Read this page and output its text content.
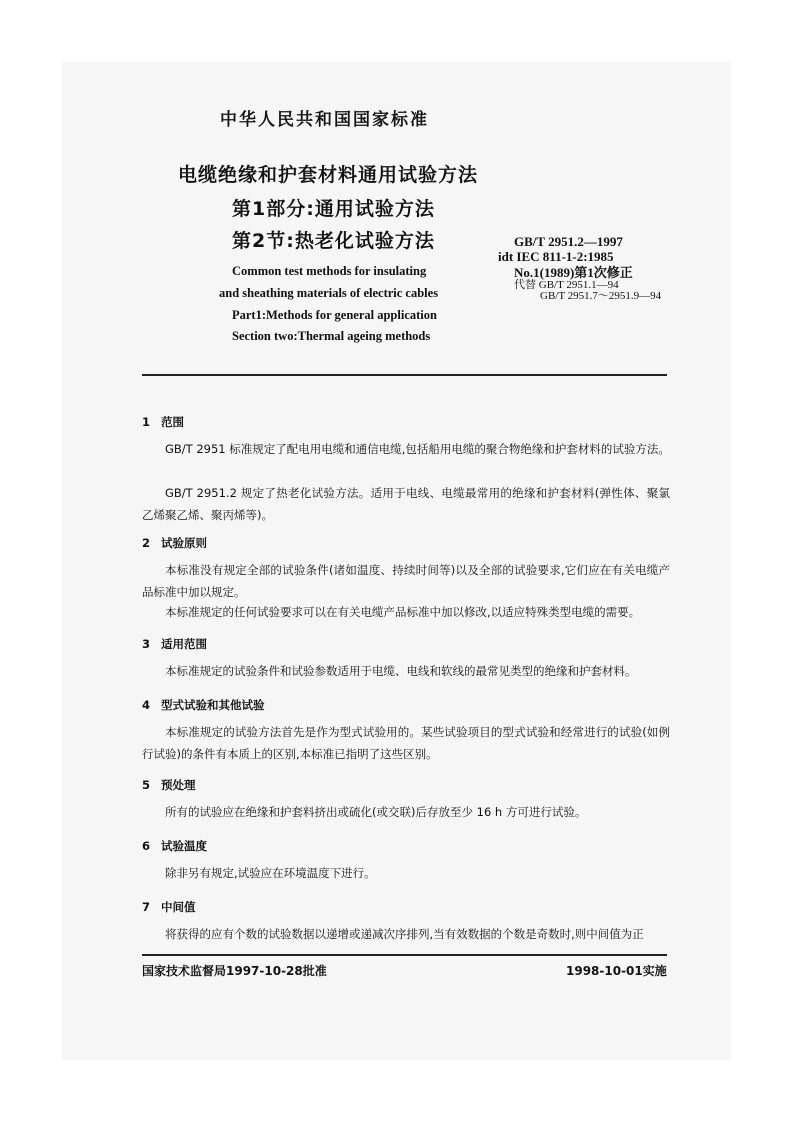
中华人民共和国国家标准
电缆绝缘和护套材料通用试验方法
第1部分:通用试验方法
第2节:热老化试验方法
Common test methods for insulating
and sheathing materials of electric cables
Part1:Methods for general application
Section two:Thermal ageing methods
GB/T 2951.2—1997
idt IEC 811-1-2:1985
No.1(1989)第1次修正
代替 GB/T 2951.1—94
GB/T 2951.7～2951.9—94
1 范围
GB/T 2951 标准规定了配电用电缆和通信电缆,包括船用电缆的聚合物绝缘和护套材料的试验方法。
GB/T 2951.2 规定了热老化试验方法。适用于电线、电缆最常用的绝缘和护套材料(弹性体、聚氯乙烯聚乙烯、聚丙烯等)。
2 试验原则
本标准没有规定全部的试验条件(诸如温度、持续时间等)以及全部的试验要求,它们应在有关电缆产品标准中加以规定。
本标准规定的任何试验要求可以在有关电缆产品标准中加以修改,以适应特殊类型电缆的需要。
3 适用范围
本标准规定的试验条件和试验参数适用于电缆、电线和软线的最常见类型的绝缘和护套材料。
4 型式试验和其他试验
本标准规定的试验方法首先是作为型式试验用的。某些试验项目的型式试验和经常进行的试验(如例行试验)的条件有本质上的区别,本标准已指明了这些区别。
5 预处理
所有的试验应在绝缘和护套料挤出或硫化(或交联)后存放至少 16 h 方可进行试验。
6 试验温度
除非另有规定,试验应在环境温度下进行。
7 中间值
将获得的应有个数的试验数据以递增或递减次序排列,当有效数据的个数是奇数时,则中间值为正
国家技术监督局1997-10-28批准	1998-10-01实施
